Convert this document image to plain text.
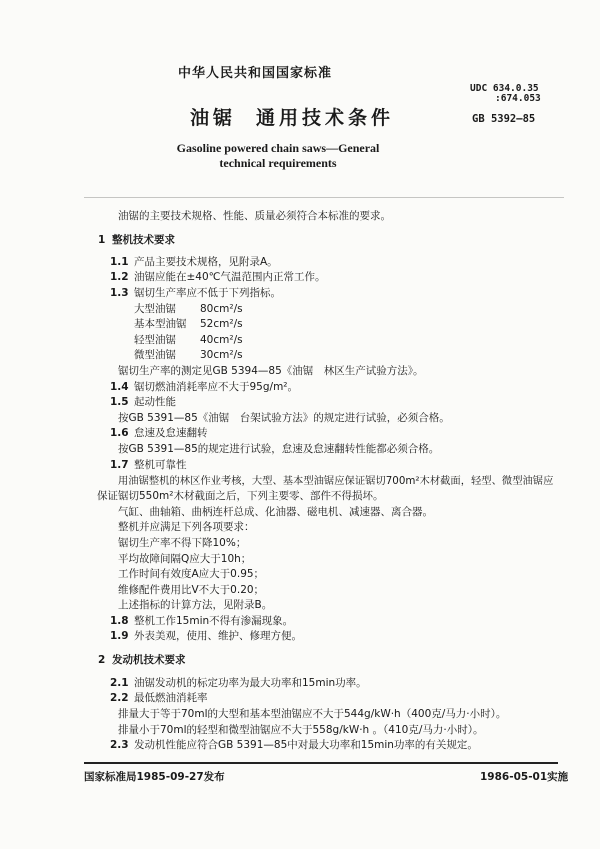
中华人民共和国国家标准
UDC 634.0.35
:674.053
油锯 通用技术条件	GB 5392—85
Gasoline powered chain saws—General
technical requirements
油锯的主要技术规格、性能、质量必须符合本标准的要求。
1 整机技术要求
1.1 产品主要技术规格，见附录A。
1.2 油锯应能在±40℃气温范围内正常工作。
1.3 锯切生产率应不低于下列指标。
大型油锯 80cm²/s
基本型油锯 52cm²/s
轻型油锯 40cm²/s
微型油锯 30cm²/s
锯切生产率的测定见GB 5394—85《油锯　林区生产试验方法》。
1.4 锯切燃油消耗率应不大于95g/m²。
1.5 起动性能
按GB 5391—85《油锯　台架试验方法》的规定进行试验，必须合格。
1.6 怠速及怠速翻转
按GB 5391—85的规定进行试验，怠速及怠速翻转性能都必须合格。
1.7 整机可靠性
用油锯整机的林区作业考核，大型、基本型油锯应保证锯切700m²木材截面，轻型、微型油锯应
保证锯切550m²木材截面之后，下列主要零、部件不得损坏。
气缸、曲轴箱、曲柄连杆总成、化油器、磁电机、减速器、离合器。
整机并应满足下列各项要求：
锯切生产率不得下降10%；
平均故障间隔Q应大于10h；
工作时间有效度A应大于0.95；
维修配件费用比V不大于0.20；
上述指标的计算方法，见附录B。
1.8 整机工作15min不得有渗漏现象。
1.9 外表美观，使用、维护、修理方便。
2 发动机技术要求
2.1 油锯发动机的标定功率为最大功率和15min功率。
2.2 最低燃油消耗率
排量大于等于70ml的大型和基本型油锯应不大于544g/kW·h（400克/马力·小时）。
排量小于70ml的轻型和微型油锯应不大于558g/kW·h 。（410克/马力·小时）。
2.3 发动机性能应符合GB 5391—85中对最大功率和15min功率的有关规定。
国家标准局1985-09-27发布	1986-05-01实施
